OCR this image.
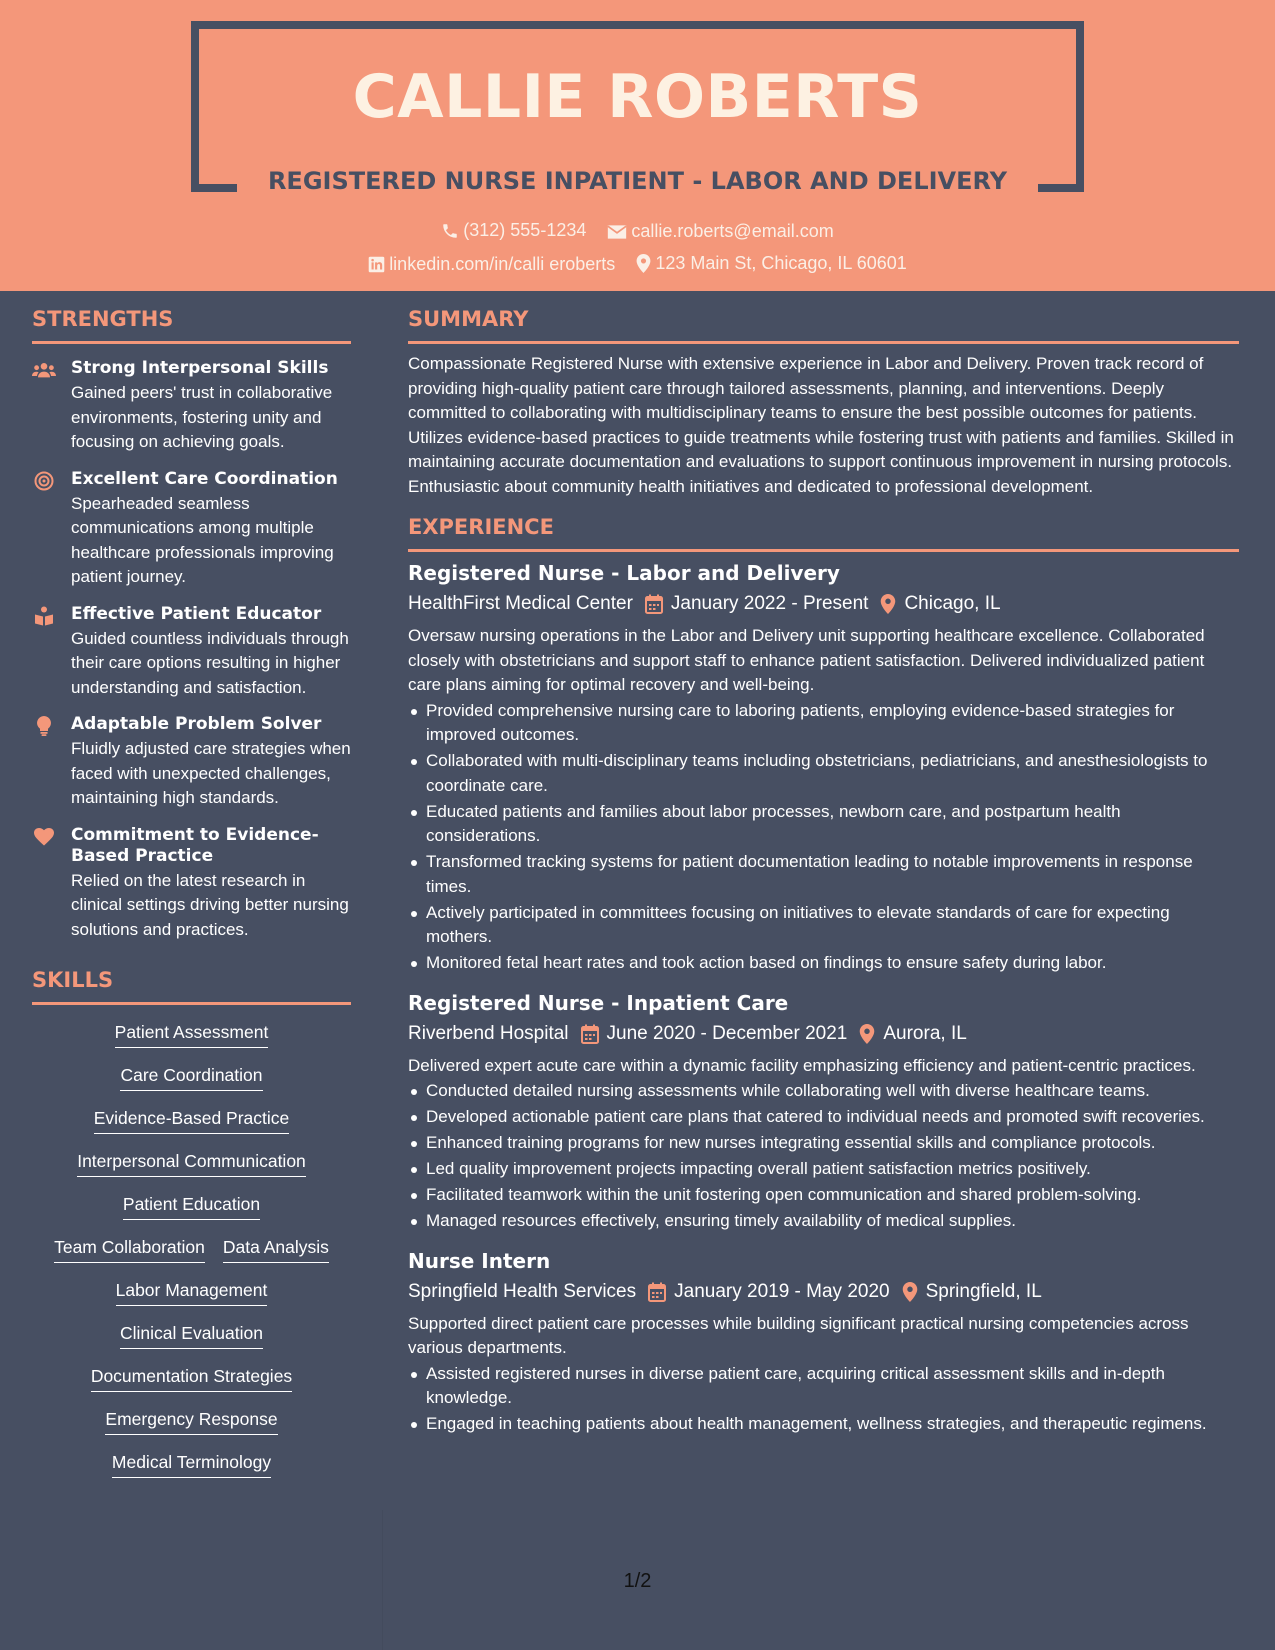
CALLIE ROBERTS
REGISTERED NURSE INPATIENT - LABOR AND DELIVERY
(312) 555-1234
	callie.roberts@email.com
linkedin.com/in/calli eroberts
123 Main St, Chicago, IL 60601
STRENGTHS
Strong Interpersonal Skills
Gained peers' trust in collaborative environments, fostering unity and focusing on achieving goals.
Excellent Care Coordination
Spearheaded seamless communications among multiple healthcare professionals improving patient journey.
Effective Patient Educator
Guided countless individuals through their care options resulting in higher understanding and satisfaction.
Adaptable Problem Solver
Fluidly adjusted care strategies when faced with unexpected challenges, maintaining high standards.
Commitment to Evidence-Based Practice
Relied on the latest research in clinical settings driving better nursing solutions and practices.
SKILLS
Patient Assessment
Care Coordination
Evidence-Based Practice
Interpersonal Communication
Patient Education
Team Collaboration Data Analysis
Labor Management
Clinical Evaluation
Documentation Strategies
Emergency Response
Medical Terminology
SUMMARY
Compassionate Registered Nurse with extensive experience in Labor and Delivery. Proven track record of providing high-quality patient care through tailored assessments, planning, and interventions. Deeply committed to collaborating with multidisciplinary teams to ensure the best possible outcomes for patients. Utilizes evidence-based practices to guide treatments while fostering trust with patients and families. Skilled in maintaining accurate documentation and evaluations to support continuous improvement in nursing protocols. Enthusiastic about community health initiatives and dedicated to professional development.
EXPERIENCE
Registered Nurse - Labor and Delivery
HealthFirst Medical Center January 2022 - Present Chicago, IL
Oversaw nursing operations in the Labor and Delivery unit supporting healthcare excellence. Collaborated closely with obstetricians and support staff to enhance patient satisfaction. Delivered individualized patient care plans aiming for optimal recovery and well-being.
Provided comprehensive nursing care to laboring patients, employing evidence-based strategies for improved outcomes.
Collaborated with multi-disciplinary teams including obstetricians, pediatricians, and anesthesiologists to coordinate care.
Educated patients and families about labor processes, newborn care, and postpartum health considerations.
Transformed tracking systems for patient documentation leading to notable improvements in response times.
Actively participated in committees focusing on initiatives to elevate standards of care for expecting mothers.
Monitored fetal heart rates and took action based on findings to ensure safety during labor.
Registered Nurse - Inpatient Care
Riverbend Hospital June 2020 - December 2021 Aurora, IL
Delivered expert acute care within a dynamic facility emphasizing efficiency and patient-centric practices.
Conducted detailed nursing assessments while collaborating well with diverse healthcare teams.
Developed actionable patient care plans that catered to individual needs and promoted swift recoveries.
Enhanced training programs for new nurses integrating essential skills and compliance protocols.
Led quality improvement projects impacting overall patient satisfaction metrics positively.
Facilitated teamwork within the unit fostering open communication and shared problem-solving.
Managed resources effectively, ensuring timely availability of medical supplies.
Nurse Intern
Springfield Health Services January 2019 - May 2020 Springfield, IL
Supported direct patient care processes while building significant practical nursing competencies across various departments.
Assisted registered nurses in diverse patient care, acquiring critical assessment skills and in-depth knowledge.
Engaged in teaching patients about health management, wellness strategies, and therapeutic regimens.
1/2
